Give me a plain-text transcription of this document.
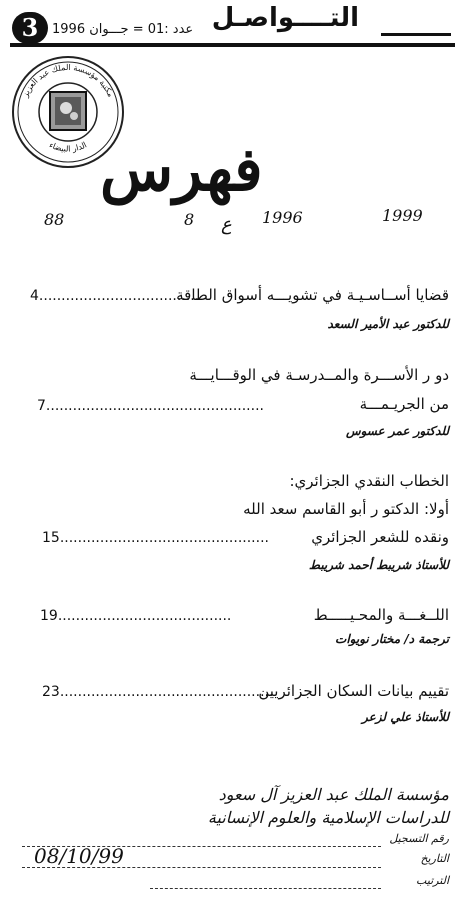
3	عدد :01 = جـــوان 1996 التــــواصـل
مكتبة مؤسسة الملك عبد العزيز
الدار البيضاء فهرس
88	8 ع 1996	1999
قضايا أســاسـيـة في تشويـــه أسواق الطاقة
4....................................
للدكتور عبد الأمير السعد
دو ر الأســـرة والمــدرسـة في الوقـــايـــة
من الجريـمـــة
7.................................................
للدكتور عمر عسوس
الخطاب النقدي الجزائري:
أولا: الدكتو ر أبو القاسم سعد الله
ونقده للشعر الجزائري
15...............................................
للأستاذ شريبط أحمد شريبط
اللــغـــة والمحـيـــــط
19.......................................
ترجمة د/ مختار نويوات
تقييم بيانات السكان الجزائريين
23................................................
للأستاذ علي لزعر
مؤسسة الملك عبد العزيز آل سعود
للدراسات الإسلامية والعلوم الإنسانية
رقم التسجيل
التاريخ
08/10/99
الترتيب
